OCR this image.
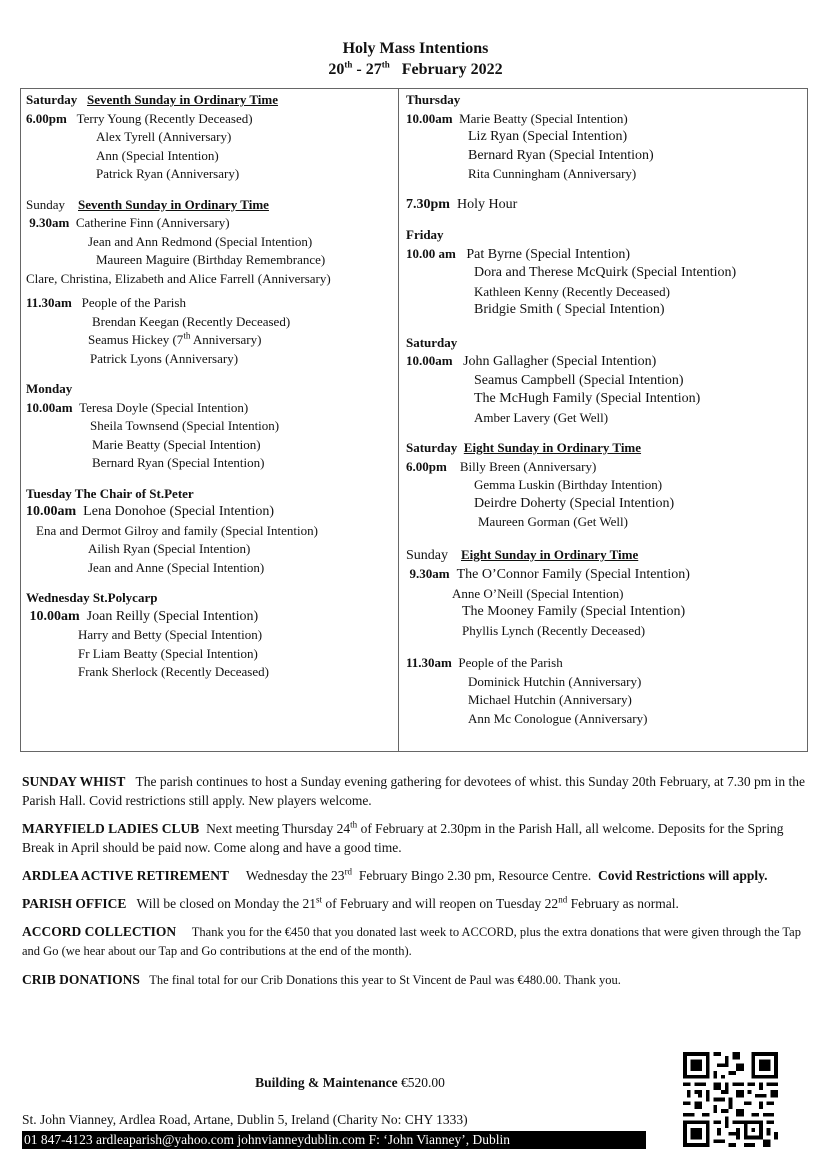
Holy Mass Intentions
20th - 27th   February 2022
Saturday Seventh Sunday in Ordinary Time
6.00pm Terry Young (Recently Deceased)
Alex Tyrell (Anniversary)
Ann (Special Intention)
Patrick Ryan (Anniversary)
Sunday Seventh Sunday in Ordinary Time
9.30am Catherine Finn (Anniversary)
Jean and Ann Redmond (Special Intention)
Maureen Maguire (Birthday Remembrance)
Clare, Christina, Elizabeth and Alice Farrell (Anniversary)
11.30am People of the Parish
Brendan Keegan (Recently Deceased)
Seamus Hickey (7th Anniversary)
Patrick Lyons (Anniversary)
Monday
10.00am Teresa Doyle (Special Intention)
Sheila Townsend (Special Intention)
Marie Beatty (Special Intention)
Bernard Ryan (Special Intention)
Tuesday The Chair of St.Peter
10.00am Lena Donohoe (Special Intention)
Ena and Dermot Gilroy and family (Special Intention)
Ailish Ryan (Special Intention)
Jean and Anne (Special Intention)
Wednesday St.Polycarp
10.00am Joan Reilly (Special Intention)
Harry and Betty (Special Intention)
Fr Liam Beatty (Special Intention)
Frank Sherlock (Recently Deceased)
Thursday
10.00am Marie Beatty (Special Intention)
Liz Ryan (Special Intention)
Bernard Ryan (Special Intention)
Rita Cunningham (Anniversary)
7.30pm Holy Hour
Friday
10.00 am Pat Byrne (Special Intention)
Dora and Therese McQuirk (Special Intention)
Kathleen Kenny (Recently Deceased)
Bridgie Smith ( Special Intention)
Saturday
10.00am John Gallagher (Special Intention)
Seamus Campbell (Special Intention)
The McHugh Family (Special Intention)
Amber Lavery (Get Well)
Saturday Eight Sunday in Ordinary Time
6.00pm Billy Breen (Anniversary)
Gemma Luskin (Birthday Intention)
Deirdre Doherty (Special Intention)
Maureen Gorman (Get Well)
Sunday Eight Sunday in Ordinary Time
9.30am The O’Connor Family (Special Intention)
Anne O’Neill (Special Intention)
The Mooney Family (Special Intention)
Phyllis Lynch (Recently Deceased)
11.30am People of the Parish
Dominick Hutchin (Anniversary)
Michael Hutchin (Anniversary)
Ann Mc Conologue (Anniversary)
SUNDAY WHIST The parish continues to host a Sunday evening gathering for devotees of whist. this Sunday 20th February, at 7.30 pm in the Parish Hall. Covid restrictions still apply. New players welcome.
MARYFIELD LADIES CLUB Next meeting Thursday 24th of February at 2.30pm in the Parish Hall, all welcome. Deposits for the Spring Break in April should be paid now. Come along and have a good time.
ARDLEA ACTIVE RETIREMENT Wednesday the 23rd  February Bingo 2.30 pm, Resource Centre. Covid Restrictions will apply.
PARISH OFFICE Will be closed on Monday the 21st of February and will reopen on Tuesday 22nd February as normal.
ACCORD COLLECTION Thank you for the €450 that you donated last week to ACCORD, plus the extra donations that were given through the Tap and Go (we hear about our Tap and Go contributions at the end of the month).
CRIB DONATIONS The final total for our Crib Donations this year to St Vincent de Paul was €480.00. Thank you.
Building & Maintenance €520.00
St. John Vianney, Ardlea Road, Artane, Dublin 5, Ireland (Charity No: CHY 1333)
01 847-4123 ardleaparish@yahoo.com johnvianneydublin.com F: ‘John Vianney’, Dublin
